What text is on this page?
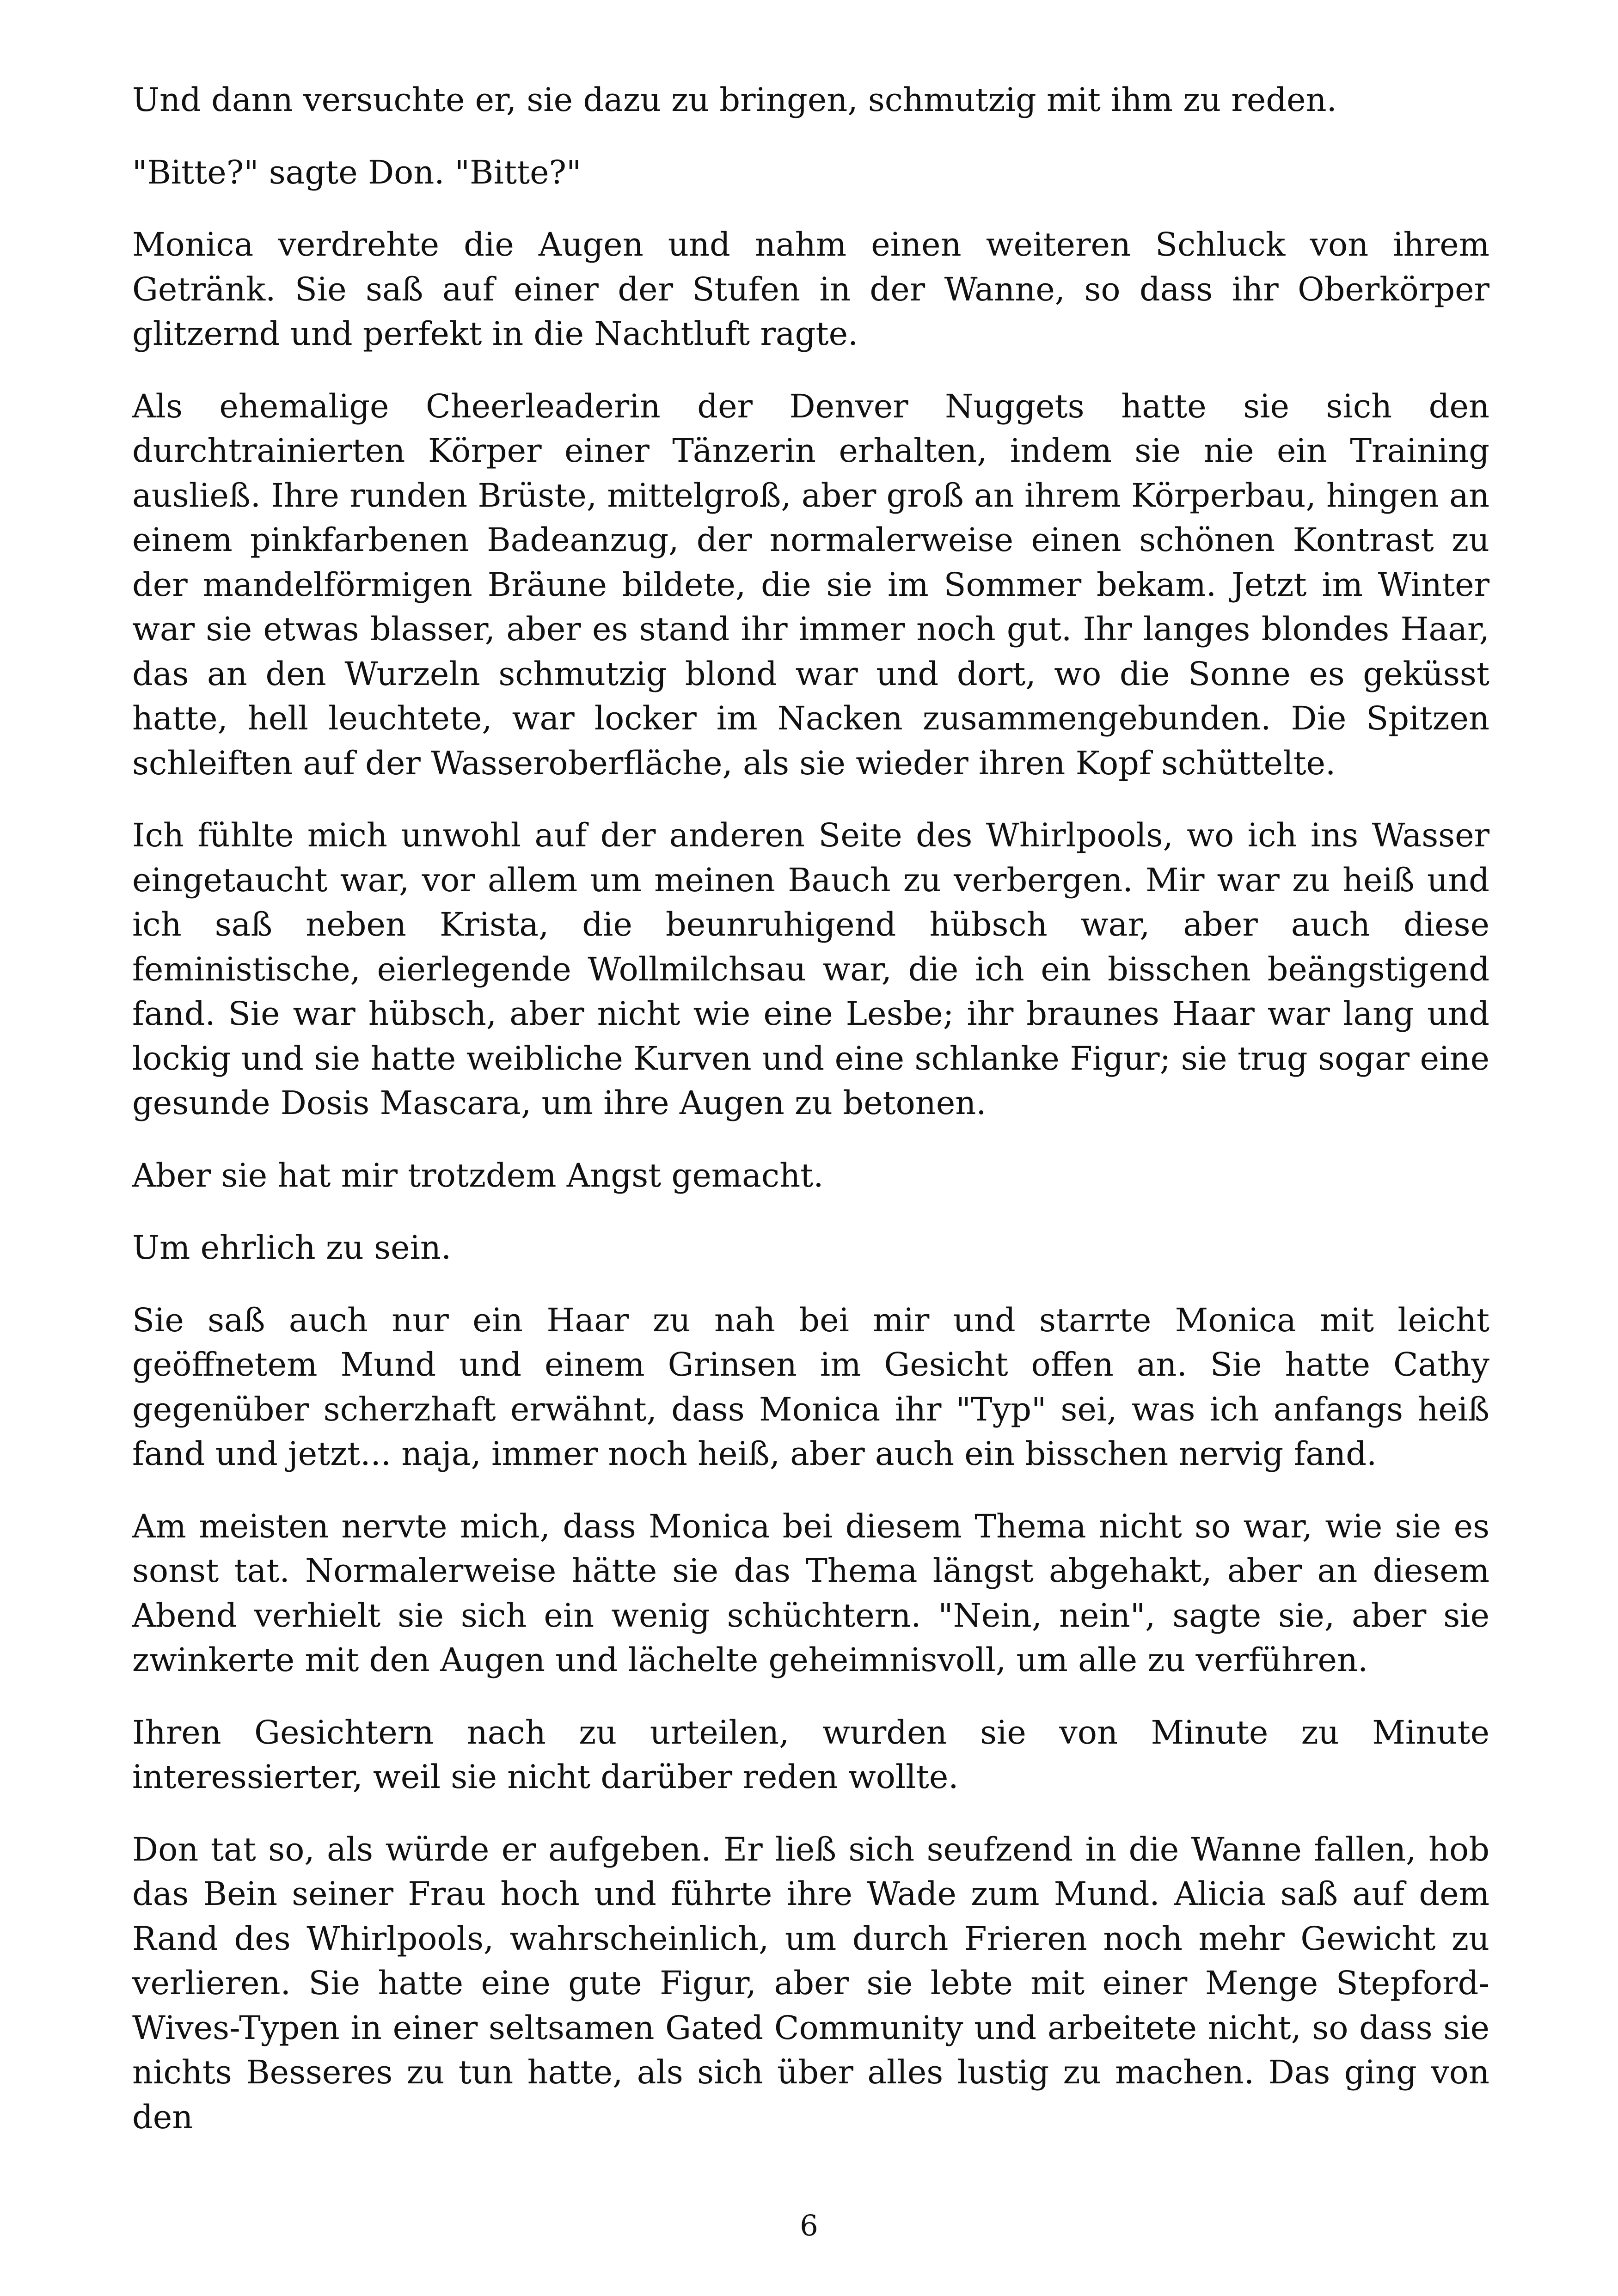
Und dann versuchte er, sie dazu zu bringen, schmutzig mit ihm zu reden.

"Bitte?" sagte Don. "Bitte?"

Monica verdrehte die Augen und nahm einen weiteren Schluck von ihrem Getränk. Sie saß auf einer der Stufen in der Wanne, so dass ihr Oberkörper glitzernd und perfekt in die Nachtluft ragte.

Als ehemalige Cheerleaderin der Denver Nuggets hatte sie sich den durchtrainierten Körper einer Tänzerin erhalten, indem sie nie ein Training ausließ. Ihre runden Brüste, mittelgroß, aber groß an ihrem Körperbau, hingen an einem pinkfarbenen Badeanzug, der normalerweise einen schönen Kontrast zu der mandelförmigen Bräune bildete, die sie im Sommer bekam. Jetzt im Winter war sie etwas blasser, aber es stand ihr immer noch gut. Ihr langes blondes Haar, das an den Wurzeln schmutzig blond war und dort, wo die Sonne es geküsst hatte, hell leuchtete, war locker im Nacken zusammengebunden. Die Spitzen schleiften auf der Wasseroberfläche, als sie wieder ihren Kopf schüttelte.

Ich fühlte mich unwohl auf der anderen Seite des Whirlpools, wo ich ins Wasser eingetaucht war, vor allem um meinen Bauch zu verbergen. Mir war zu heiß und ich saß neben Krista, die beunruhigend hübsch war, aber auch diese feministische, eierlegende Wollmilchsau war, die ich ein bisschen beängstigend fand. Sie war hübsch, aber nicht wie eine Lesbe; ihr braunes Haar war lang und lockig und sie hatte weibliche Kurven und eine schlanke Figur; sie trug sogar eine gesunde Dosis Mascara, um ihre Augen zu betonen.

Aber sie hat mir trotzdem Angst gemacht.

Um ehrlich zu sein.

Sie saß auch nur ein Haar zu nah bei mir und starrte Monica mit leicht geöffnetem Mund und einem Grinsen im Gesicht offen an. Sie hatte Cathy gegenüber scherzhaft erwähnt, dass Monica ihr "Typ" sei, was ich anfangs heiß fand und jetzt... naja, immer noch heiß, aber auch ein bisschen nervig fand.

Am meisten nervte mich, dass Monica bei diesem Thema nicht so war, wie sie es sonst tat. Normalerweise hätte sie das Thema längst abgehakt, aber an diesem Abend verhielt sie sich ein wenig schüchtern. "Nein, nein", sagte sie, aber sie zwinkerte mit den Augen und lächelte geheimnisvoll, um alle zu verführen.

Ihren Gesichtern nach zu urteilen, wurden sie von Minute zu Minute interessierter, weil sie nicht darüber reden wollte.

Don tat so, als würde er aufgeben. Er ließ sich seufzend in die Wanne fallen, hob das Bein seiner Frau hoch und führte ihre Wade zum Mund. Alicia saß auf dem Rand des Whirlpools, wahrscheinlich, um durch Frieren noch mehr Gewicht zu verlieren. Sie hatte eine gute Figur, aber sie lebte mit einer Menge Stepford-Wives-Typen in einer seltsamen Gated Community und arbeitete nicht, so dass sie nichts Besseres zu tun hatte, als sich über alles lustig zu machen. Das ging von den

6
